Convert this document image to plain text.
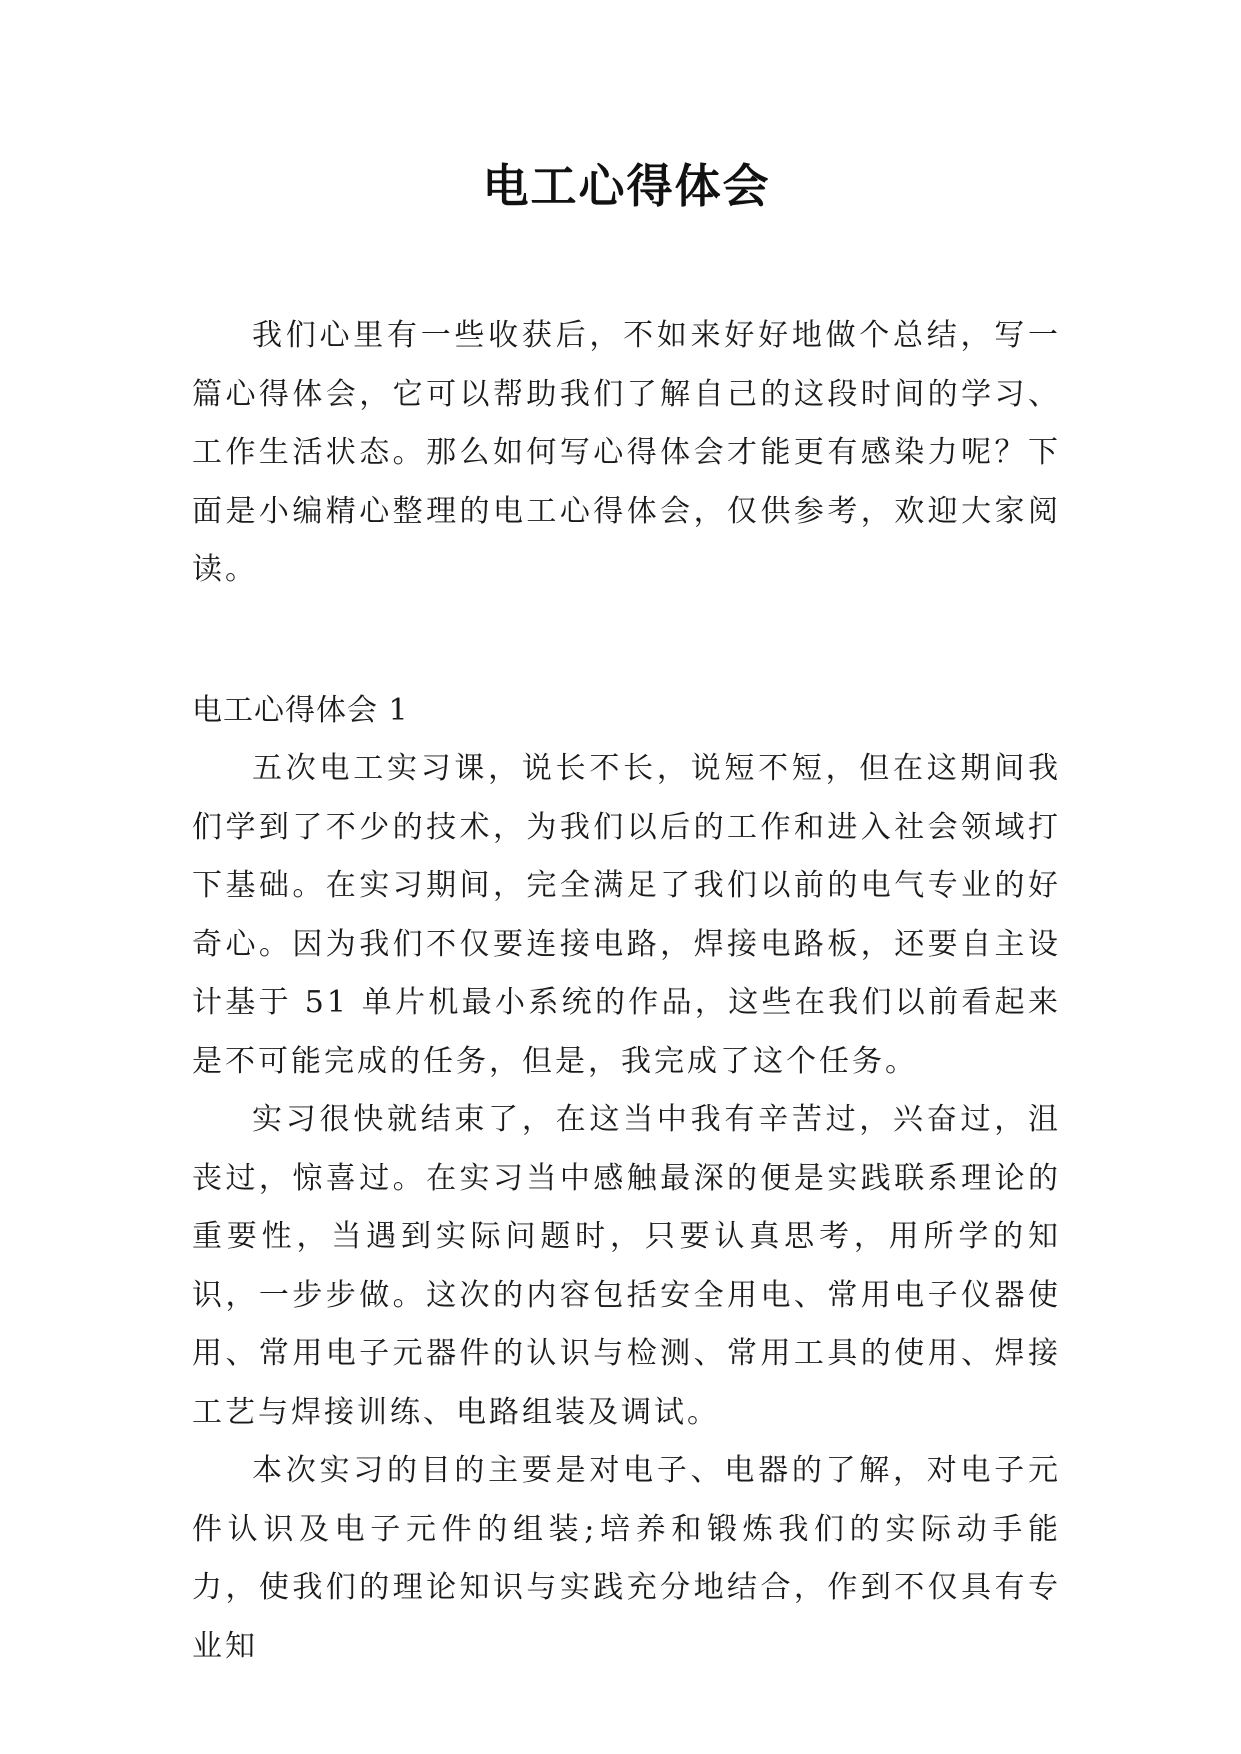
电工心得体会

我们心里有一些收获后，不如来好好地做个总结，写一篇心得体会，它可以帮助我们了解自己的这段时间的学习、工作生活状态。那么如何写心得体会才能更有感染力呢？下面是小编精心整理的电工心得体会，仅供参考，欢迎大家阅读。

电工心得体会 1

五次电工实习课，说长不长，说短不短，但在这期间我们学到了不少的技术，为我们以后的工作和进入社会领域打下基础。在实习期间，完全满足了我们以前的电气专业的好奇心。因为我们不仅要连接电路，焊接电路板，还要自主设计基于 51 单片机最小系统的作品，这些在我们以前看起来是不可能完成的任务，但是，我完成了这个任务。

实习很快就结束了，在这当中我有辛苦过，兴奋过，沮丧过，惊喜过。在实习当中感触最深的便是实践联系理论的重要性，当遇到实际问题时，只要认真思考，用所学的知识，一步步做。这次的内容包括安全用电、常用电子仪器使用、常用电子元器件的认识与检测、常用工具的使用、焊接工艺与焊接训练、电路组装及调试。

本次实习的目的主要是对电子、电器的了解，对电子元件认识及电子元件的组装;培养和锻炼我们的实际动手能力，使我们的理论知识与实践充分地结合，作到不仅具有专业知
